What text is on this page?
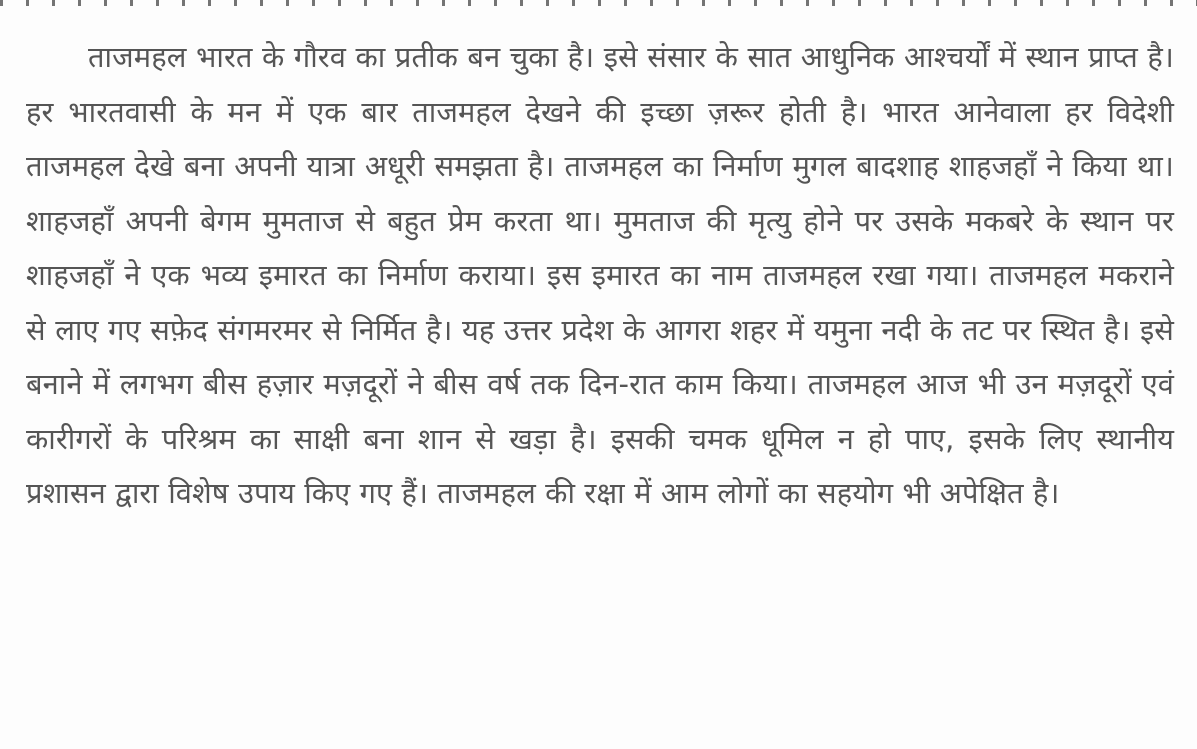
ताजमहल भारत के गौरव का प्रतीक बन चुका है। इसे संसार के सात आधुनिक आश्चर्यों में स्थान प्राप्त है। हर भारतवासी के मन में एक बार ताजमहल देखने की इच्छा ज़रूर होती है। भारत आनेवाला हर विदेशी ताजमहल देखे बना अपनी यात्रा अधूरी समझता है। ताजमहल का निर्माण मुगल बादशाह शाहजहाँ ने किया था। शाहजहाँ अपनी बेगम मुमताज से बहुत प्रेम करता था। मुमताज की मृत्यु होने पर उसके मकबरे के स्थान पर शाहजहाँ ने एक भव्य इमारत का निर्माण कराया। इस इमारत का नाम ताजमहल रखा गया। ताजमहल मकराने से लाए गए सफ़ेद संगमरमर से निर्मित है। यह उत्तर प्रदेश के आगरा शहर में यमुना नदी के तट पर स्थित है। इसे बनाने में लगभग बीस हज़ार मज़दूरों ने बीस वर्ष तक दिन-रात काम किया। ताजमहल आज भी उन मज़दूरों एवं कारीगरों के परिश्रम का साक्षी बना शान से खड़ा है। इसकी चमक धूमिल न हो पाए, इसके लिए स्थानीय प्रशासन द्वारा विशेष उपाय किए गए हैं। ताजमहल की रक्षा में आम लोगों का सहयोग भी अपेक्षित है।
